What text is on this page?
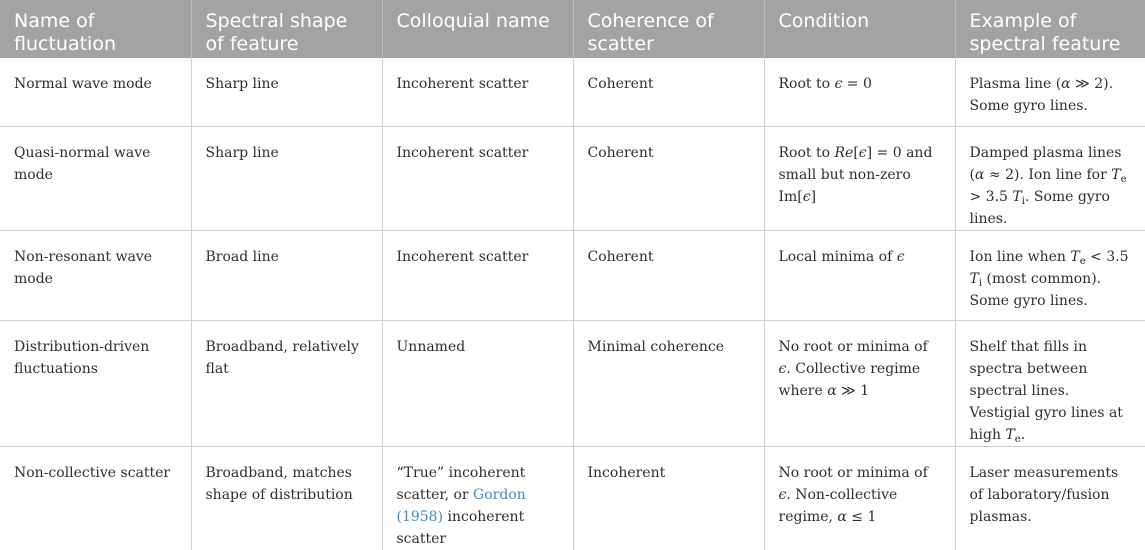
Name of fluctuation	Spectral shape of feature	Colloquial name	Coherence of scatter	Condition	Example of spectral feature
Normal wave mode	Sharp line	Incoherent scatter	Coherent	Root to ϵ = 0	Plasma line (α ≫ 2). Some gyro lines.
Quasi-normal wave mode	Sharp line	Incoherent scatter	Coherent	Root to Re[ϵ] = 0 and small but non-zero Im[ϵ]	Damped plasma lines (α ≈ 2). Ion line for $T_e > 3.5$ $T_i$. Some gyro lines.
Non-resonant wave mode	Broad line	Incoherent scatter	Coherent	Local minima of ϵ	Ion line when $T_e < 3.5$ $T_i$ (most common). Some gyro lines.
Distribution-driven fluctuations	Broadband, relatively flat	Unnamed	Minimal coherence	No root or minima of ϵ. Collective regime where α ≫ 1	Shelf that fills in spectra between spectral lines. Vestigial gyro lines at high $T_e$.
Non-collective scatter	Broadband, matches shape of distribution	“True” incoherent scatter, or Gordon (1958) incoherent scatter	Incoherent	No root or minima of ϵ. Non-collective regime, α ≤ 1	Laser measurements of laboratory/fusion plasmas.
